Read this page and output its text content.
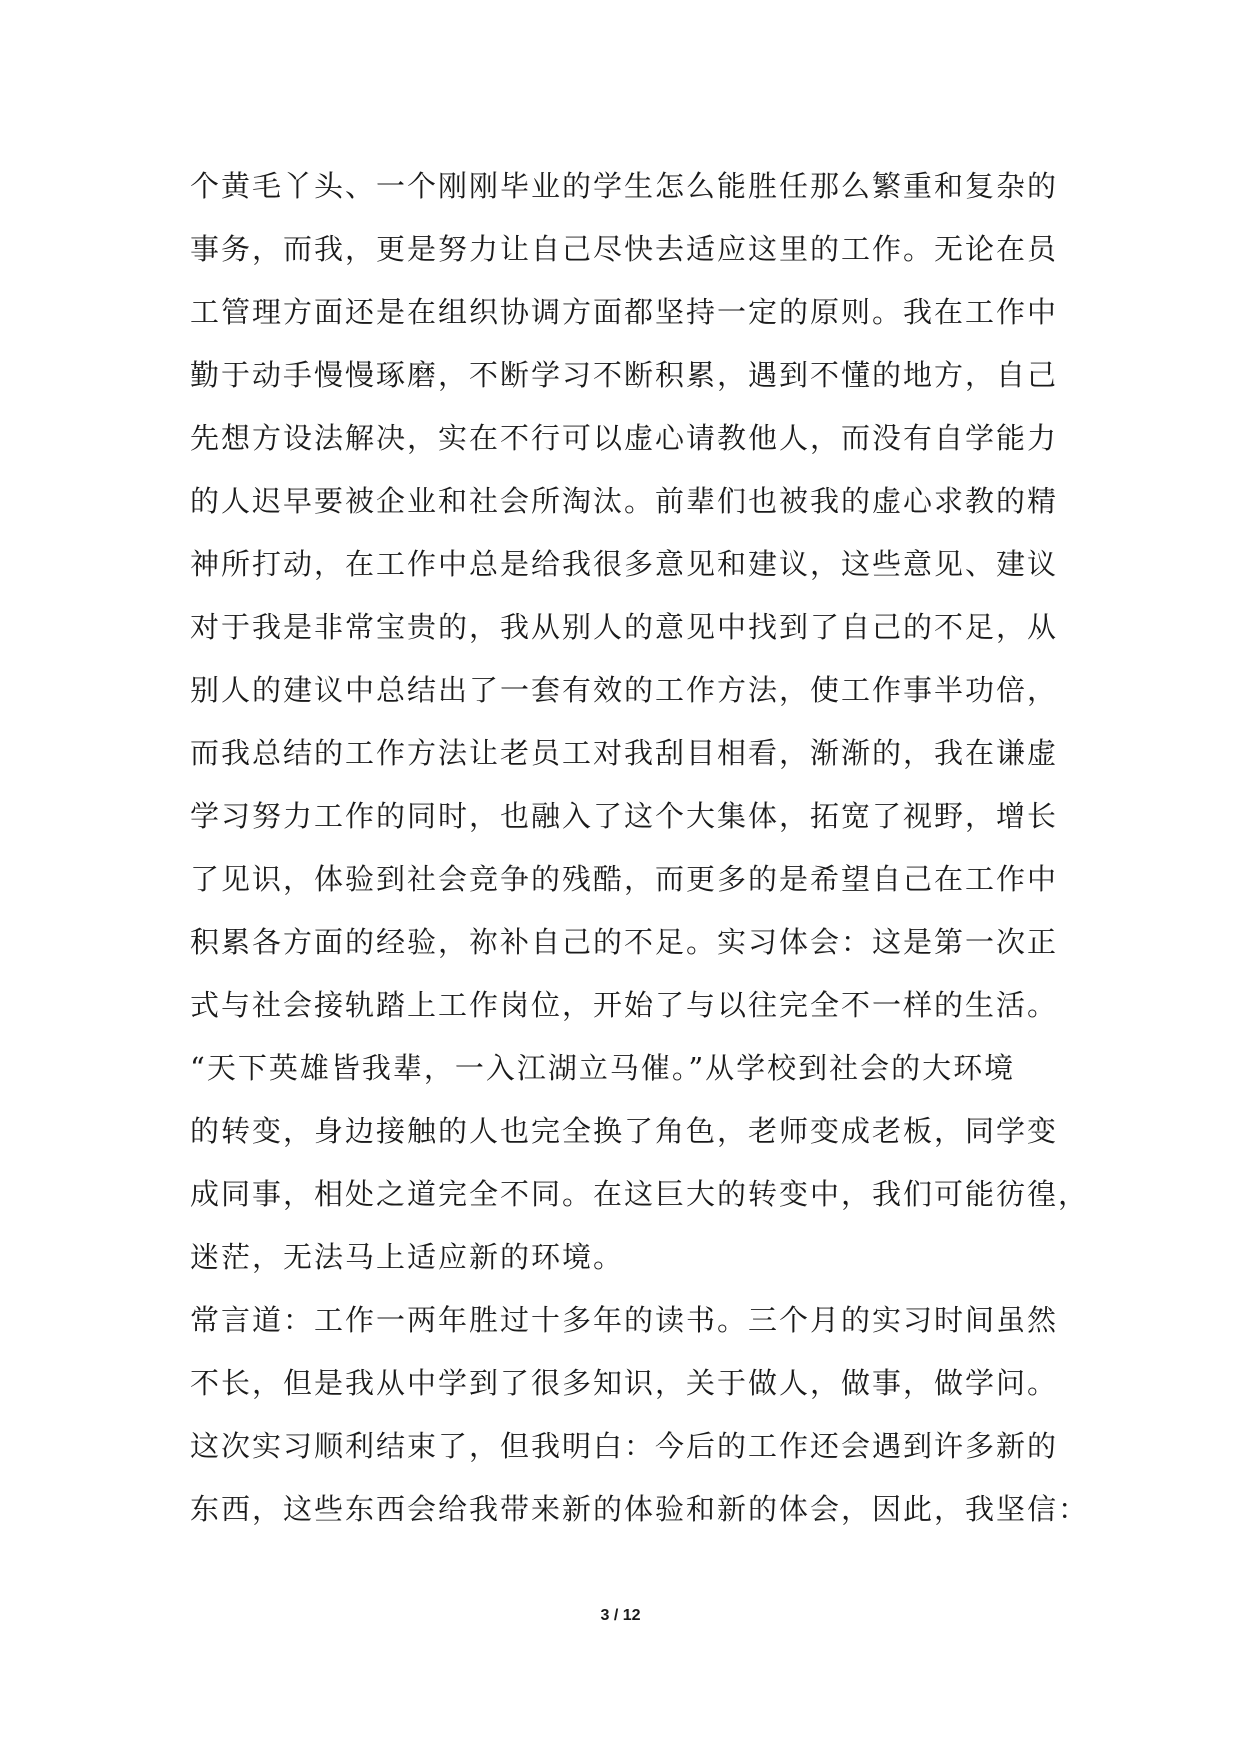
个黄毛丫头、一个刚刚毕业的学生怎么能胜任那么繁重和复杂的
事务，而我，更是努力让自己尽快去适应这里的工作。无论在员
工管理方面还是在组织协调方面都坚持一定的原则。我在工作中
勤于动手慢慢琢磨，不断学习不断积累，遇到不懂的地方，自己
先想方设法解决，实在不行可以虚心请教他人，而没有自学能力
的人迟早要被企业和社会所淘汰。前辈们也被我的虚心求教的精
神所打动，在工作中总是给我很多意见和建议，这些意见、建议
对于我是非常宝贵的，我从别人的意见中找到了自己的不足，从
别人的建议中总结出了一套有效的工作方法，使工作事半功倍，
而我总结的工作方法让老员工对我刮目相看，渐渐的，我在谦虚
学习努力工作的同时，也融入了这个大集体，拓宽了视野，增长
了见识，体验到社会竞争的残酷，而更多的是希望自己在工作中
积累各方面的经验，祢补自己的不足。实习体会：这是第一次正
式与社会接轨踏上工作岗位，开始了与以往完全不一样的生活。
“天下英雄皆我辈，一入江湖立马催。”从学校到社会的大环境
的转变，身边接触的人也完全换了角色，老师变成老板，同学变
成同事，相处之道完全不同。在这巨大的转变中，我们可能彷徨，
迷茫，无法马上适应新的环境。
常言道：工作一两年胜过十多年的读书。三个月的实习时间虽然
不长，但是我从中学到了很多知识，关于做人，做事，做学问。
这次实习顺利结束了，但我明白：今后的工作还会遇到许多新的
东西，这些东西会给我带来新的体验和新的体会，因此，我坚信：
3 / 12
